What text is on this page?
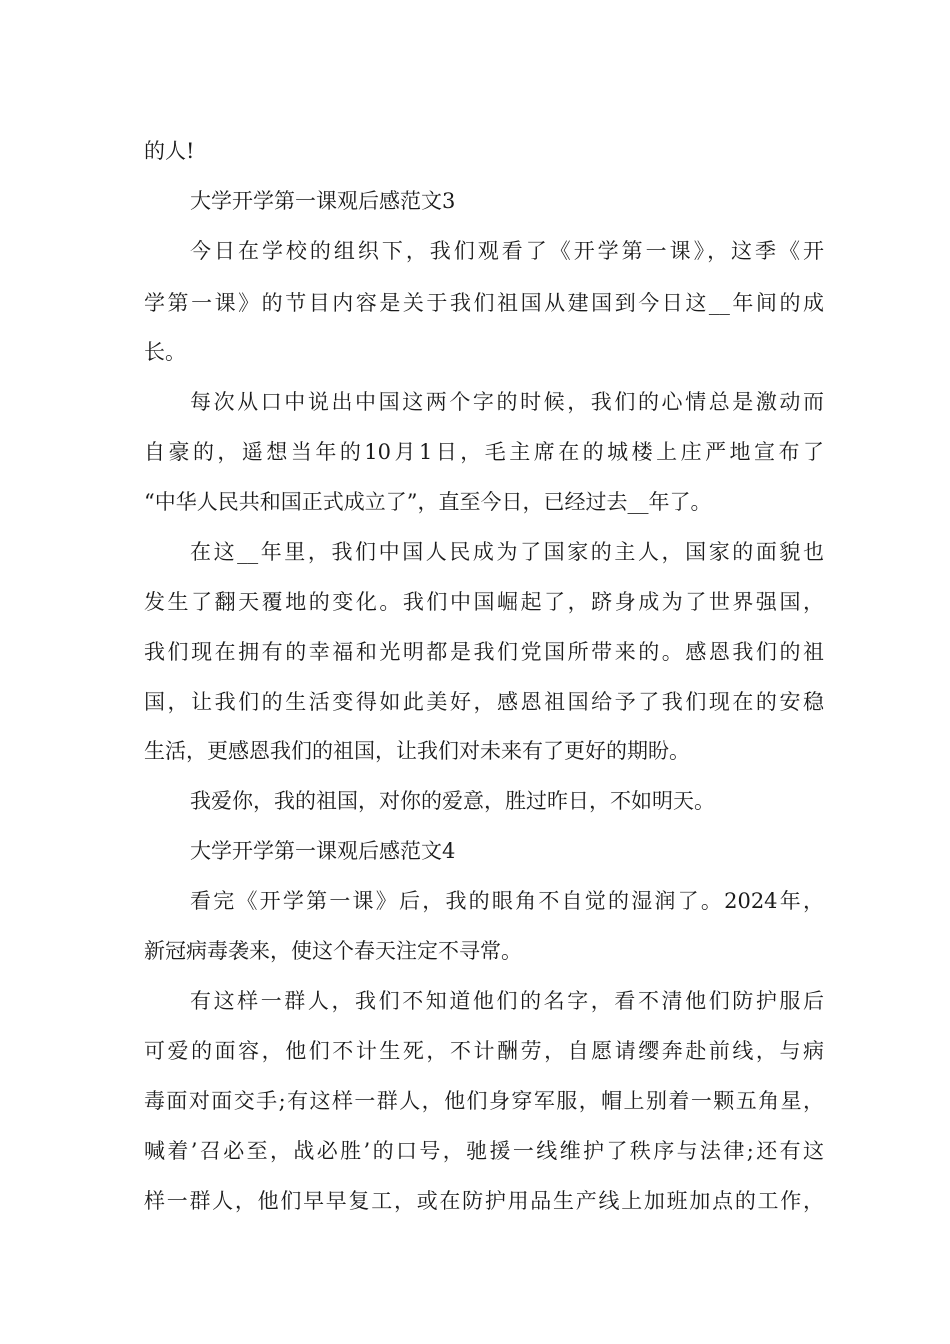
的人!
大学开学第一课观后感范文3
今日在学校的组织下，我们观看了《开学第一课》，这季《开
学第一课》的节目内容是关于我们祖国从建国到今日这__年间的成
长。
每次从口中说出中国这两个字的时候，我们的心情总是激动而
自豪的，遥想当年的10月1日，毛主席在的城楼上庄严地宣布了
“中华人民共和国正式成立了”，直至今日，已经过去__年了。
在这__年里，我们中国人民成为了国家的主人，国家的面貌也
发生了翻天覆地的变化。我们中国崛起了，跻身成为了世界强国，
我们现在拥有的幸福和光明都是我们党国所带来的。感恩我们的祖
国，让我们的生活变得如此美好，感恩祖国给予了我们现在的安稳
生活，更感恩我们的祖国，让我们对未来有了更好的期盼。
我爱你，我的祖国，对你的爱意，胜过昨日，不如明天。
大学开学第一课观后感范文4
看完《开学第一课》后，我的眼角不自觉的湿润了。2024年，
新冠病毒袭来，使这个春天注定不寻常。
有这样一群人，我们不知道他们的名字，看不清他们防护服后
可爱的面容，他们不计生死，不计酬劳，自愿请缨奔赴前线，与病
毒面对面交手;有这样一群人，他们身穿军服，帽上别着一颗五角星，
喊着’召必至，战必胜’的口号，驰援一线维护了秩序与法律;还有这
样一群人，他们早早复工，或在防护用品生产线上加班加点的工作，
